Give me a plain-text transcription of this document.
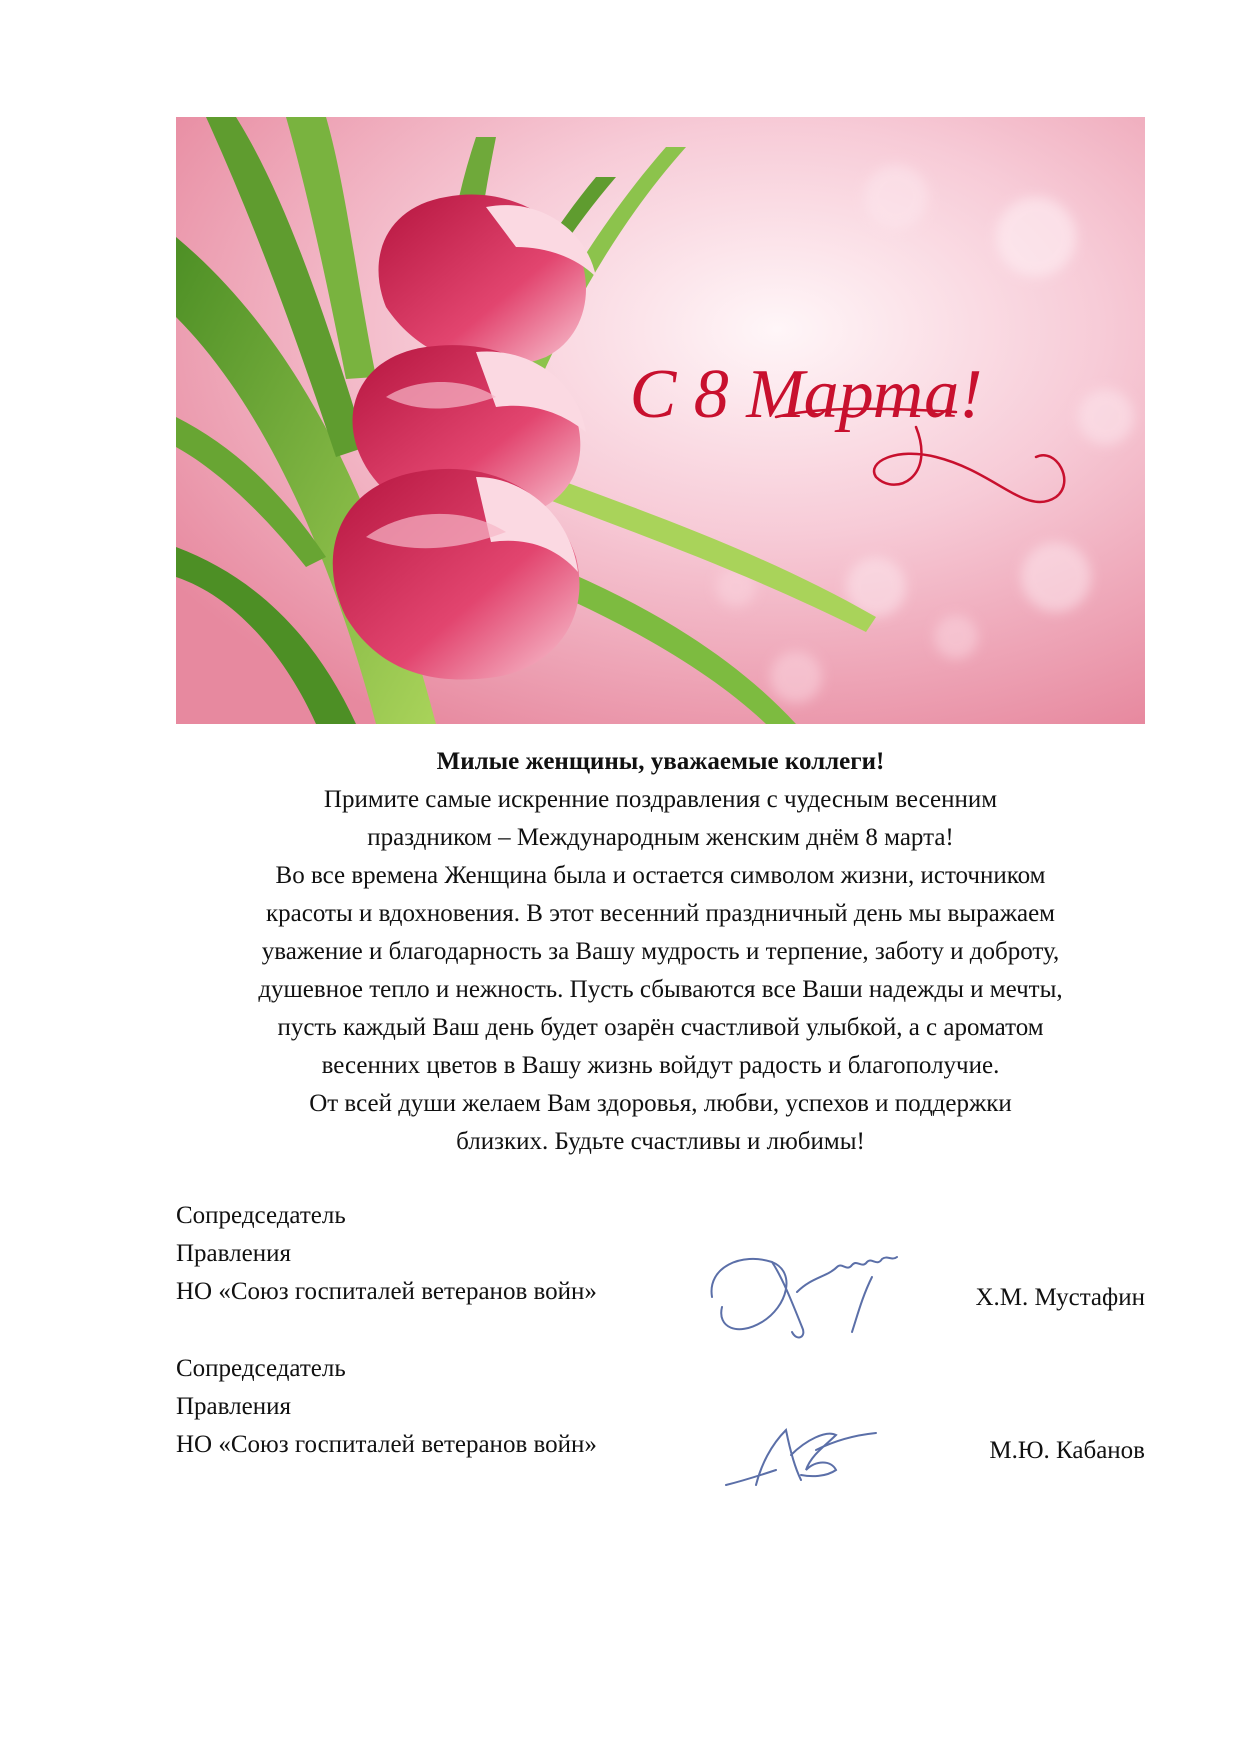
С 8 Марта!

Милые женщины, уважаемые коллеги!

Примите самые искренние поздравления с чудесным весенним

праздником – Международным женским днём 8 марта!

Во все времена Женщина была и остается символом жизни, источником

красоты и вдохновения. В этот весенний праздничный день мы выражаем

уважение и благодарность за Вашу мудрость и терпение, заботу и доброту,

душевное тепло и нежность. Пусть сбываются все Ваши надежды и мечты,

пусть каждый Ваш день будет озарён счастливой улыбкой, а с ароматом

весенних цветов в Вашу жизнь войдут радость и благополучие.

От всей души желаем Вам здоровья, любви, успехов и поддержки

близких. Будьте счастливы и любимы!

Сопредседатель
Правления
НО «Союз госпиталей ветеранов войн»	Х.М. Мустафин
Сопредседатель
Правления
НО «Союз госпиталей ветеранов войн»	М.Ю. Кабанов
